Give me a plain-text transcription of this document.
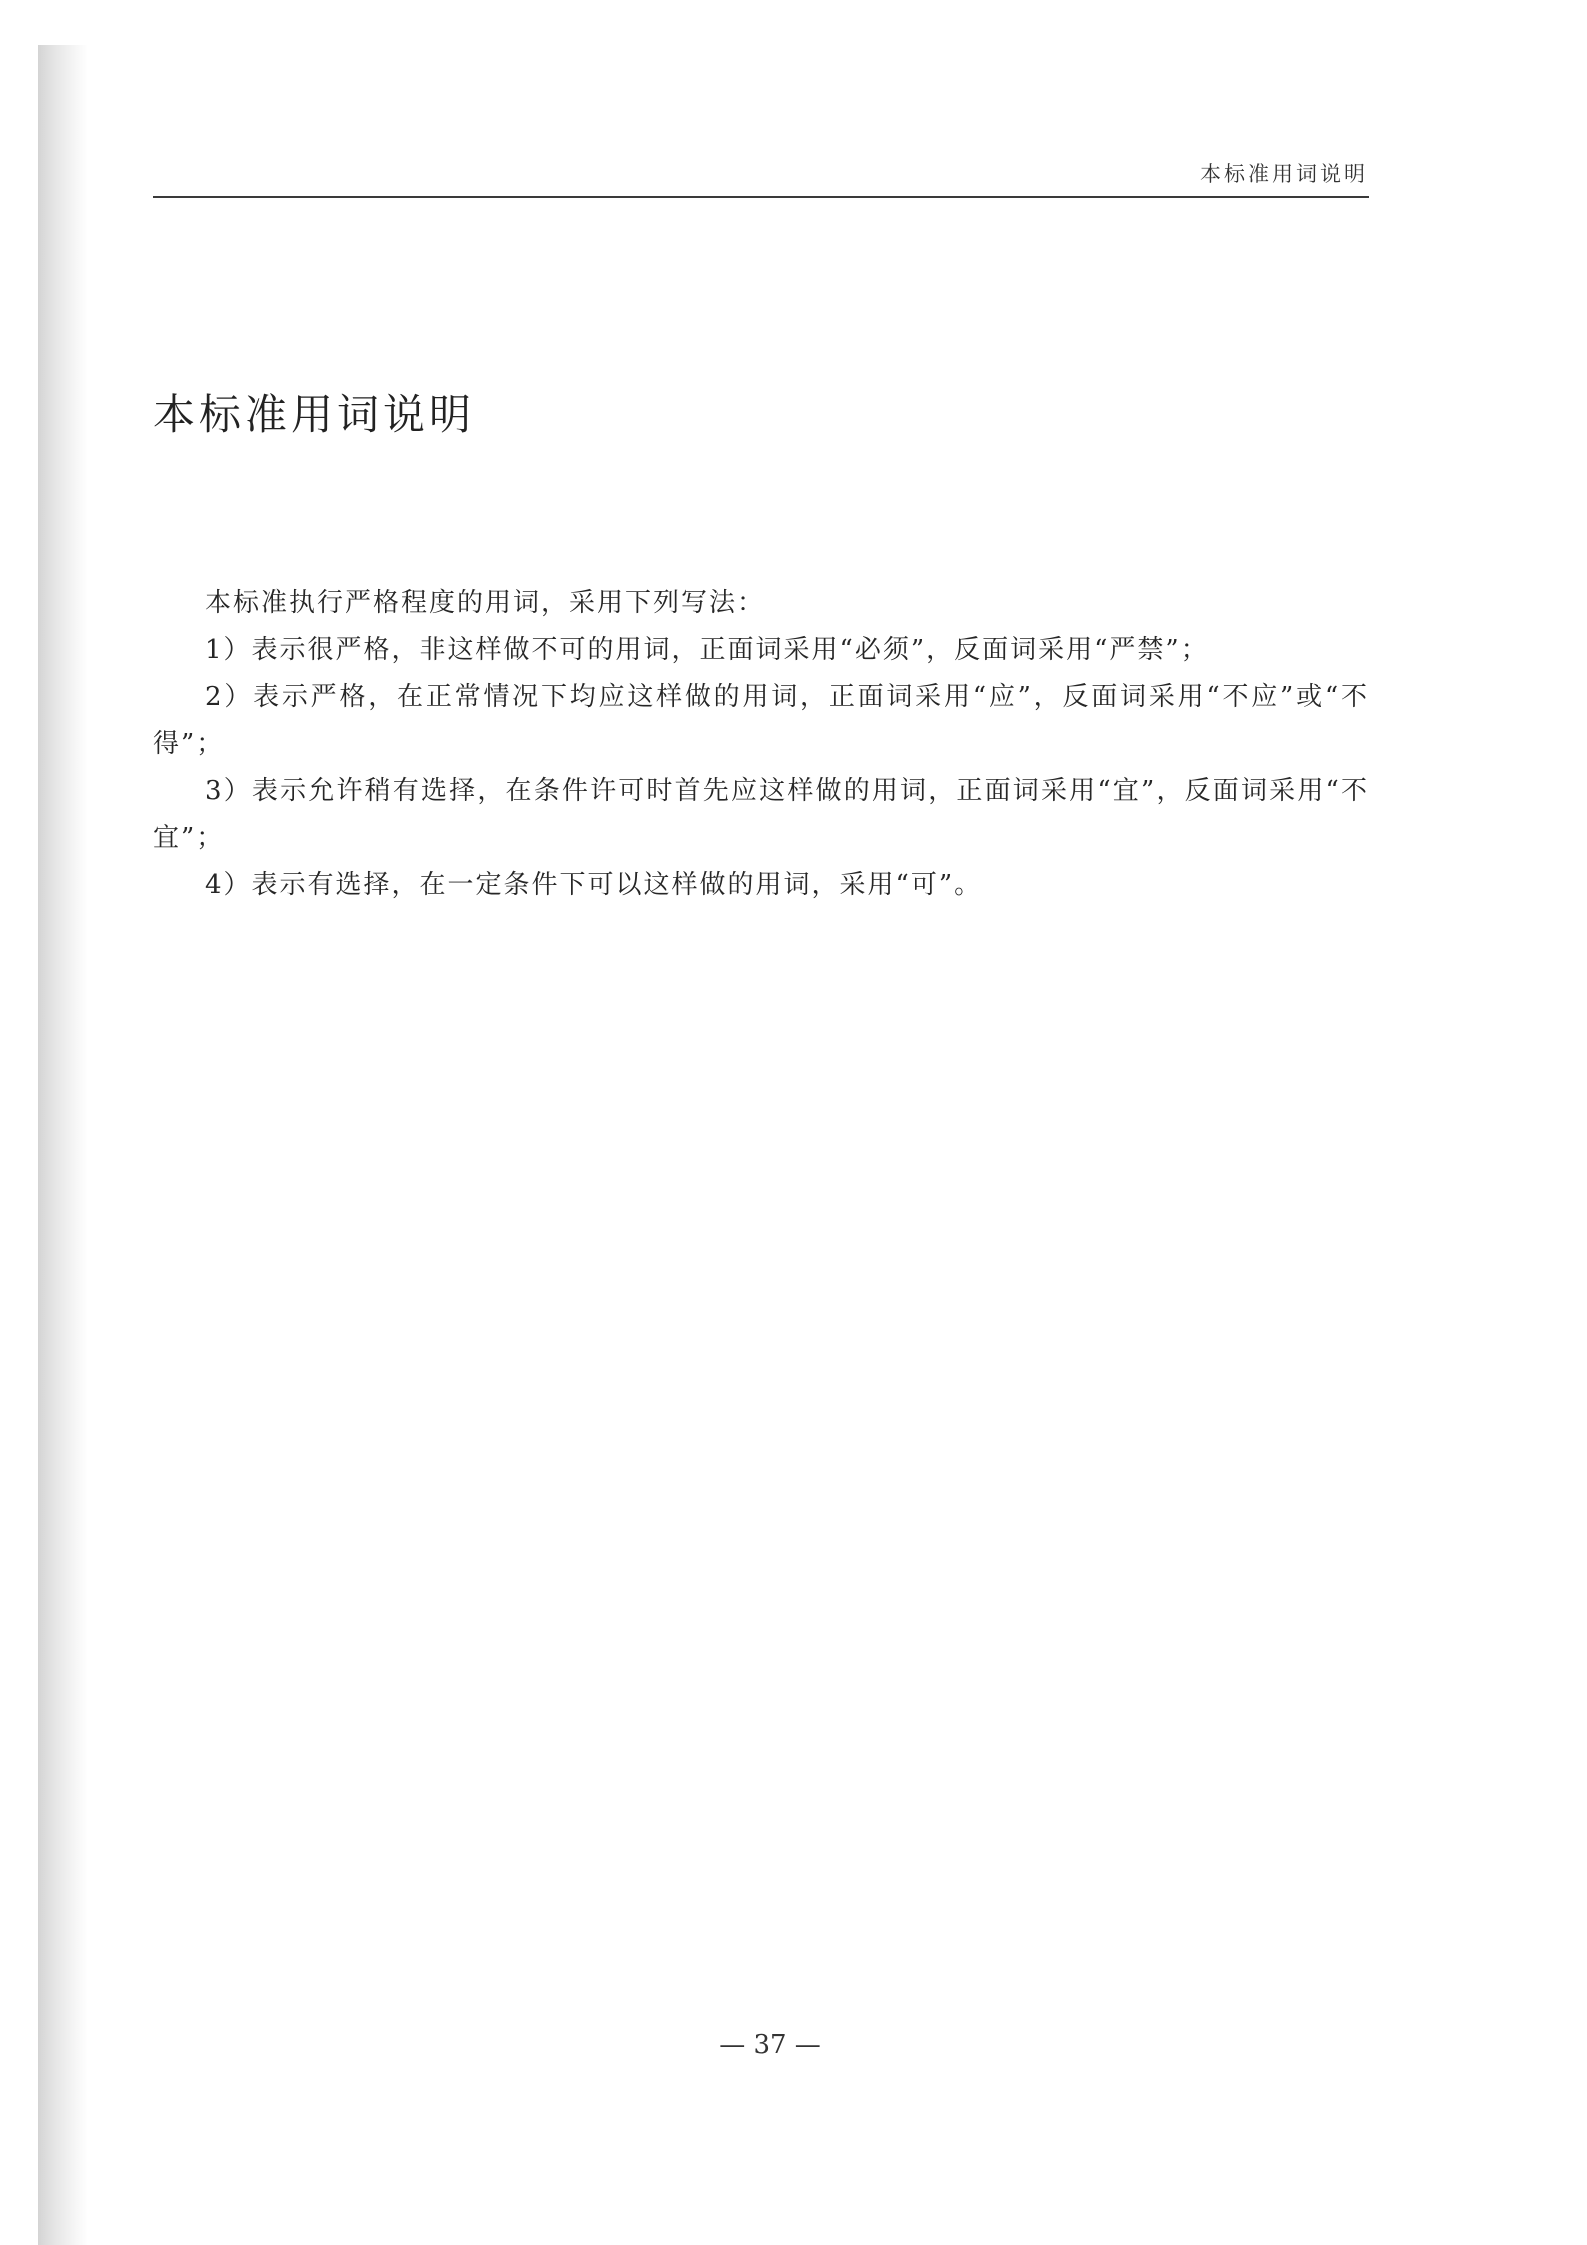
本标准用词说明
本标准用词说明

本标准执行严格程度的用词，采用下列写法：

1）表示很严格，非这样做不可的用词，正面词采用“必须”，反面词采用“严禁”；

2）表示严格，在正常情况下均应这样做的用词，正面词采用“应”，反面词采用“不应”或“不得”；

3）表示允许稍有选择，在条件许可时首先应这样做的用词，正面词采用“宜”，反面词采用“不宜”；

4）表示有选择，在一定条件下可以这样做的用词，采用“可”。

— 37 —
